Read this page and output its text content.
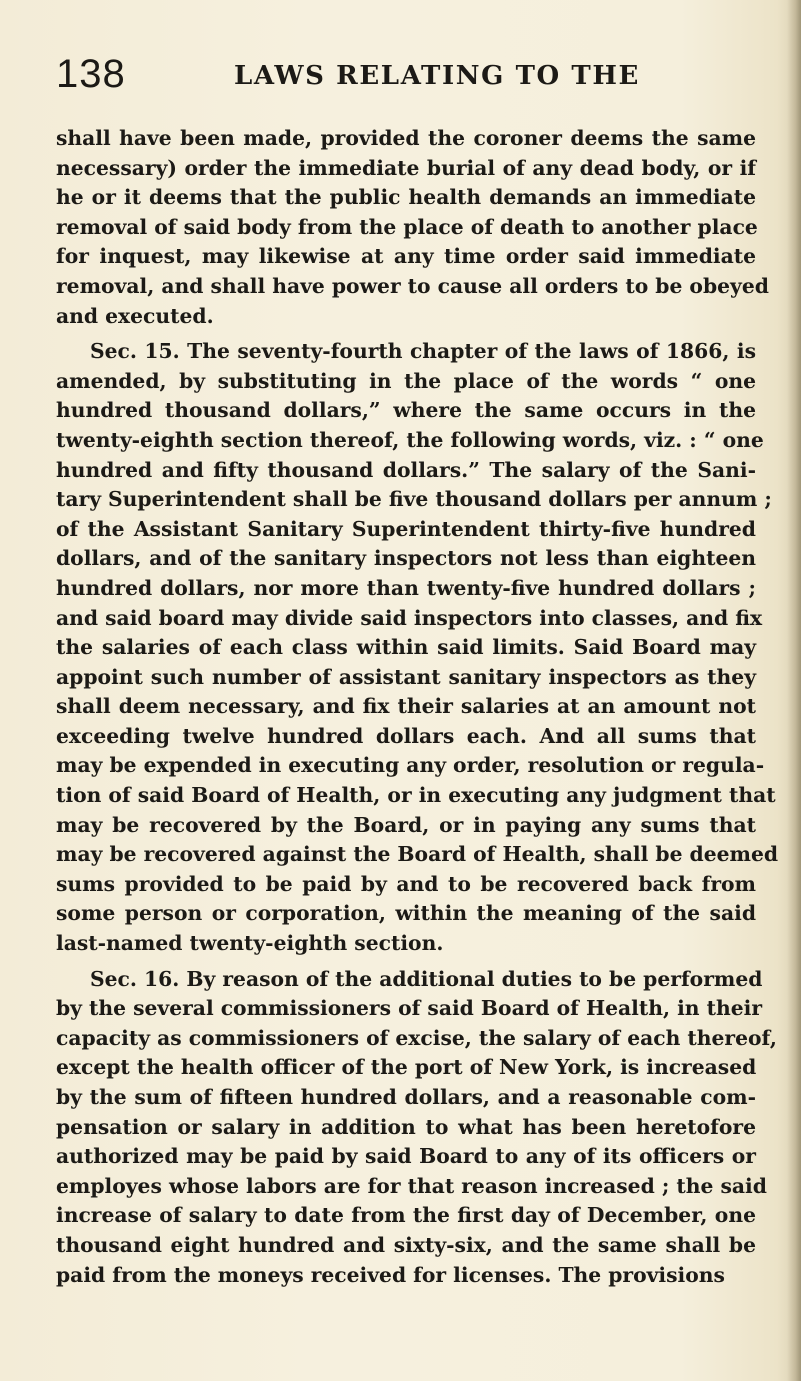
138	LAWS RELATING TO THE
shall have been made, provided the coroner deems the same
necessary) order the immediate burial of any dead body, or if
he or it deems that the public health demands an immediate
removal of said body from the place of death to another place
for inquest, may likewise at any time order said immediate
removal, and shall have power to cause all orders to be obeyed
and executed.
Sec. 15. The seventy-fourth chapter of the laws of 1866, is
amended, by substituting in the place of the words “ one
hundred thousand dollars,” where the same occurs in the
twenty-eighth section thereof, the following words, viz. : “ one
hundred and fifty thousand dollars.” The salary of the Sani-
tary Superintendent shall be five thousand dollars per annum ;
of the Assistant Sanitary Superintendent thirty-five hundred
dollars, and of the sanitary inspectors not less than eighteen
hundred dollars, nor more than twenty-five hundred dollars ;
and said board may divide said inspectors into classes, and fix
the salaries of each class within said limits. Said Board may
appoint such number of assistant sanitary inspectors as they
shall deem necessary, and fix their salaries at an amount not
exceeding twelve hundred dollars each. And all sums that
may be expended in executing any order, resolution or regula-
tion of said Board of Health, or in executing any judgment that
may be recovered by the Board, or in paying any sums that
may be recovered against the Board of Health, shall be deemed
sums provided to be paid by and to be recovered back from
some person or corporation, within the meaning of the said
last-named twenty-eighth section.
Sec. 16. By reason of the additional duties to be performed
by the several commissioners of said Board of Health, in their
capacity as commissioners of excise, the salary of each thereof,
except the health officer of the port of New York, is increased
by the sum of fifteen hundred dollars, and a reasonable com-
pensation or salary in addition to what has been heretofore
authorized may be paid by said Board to any of its officers or
employes whose labors are for that reason increased ; the said
increase of salary to date from the first day of December, one
thousand eight hundred and sixty-six, and the same shall be
paid from the moneys received for licenses. The provisions
